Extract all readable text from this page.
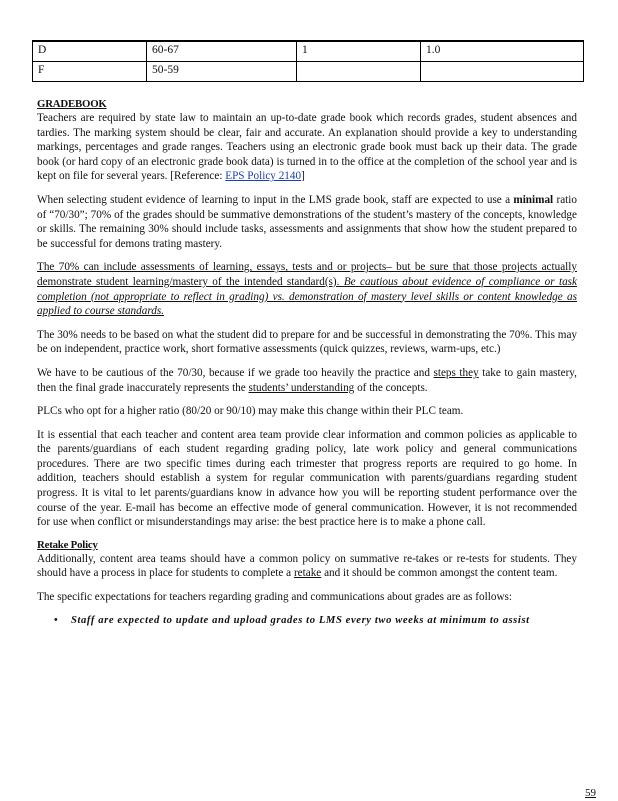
D	60-67	1	1.0
F	50-59		
GRADEBOOK

Teachers are required by state law to maintain an up-to-date grade book which records grades, student absences and tardies. The marking system should be clear, fair and accurate. An explanation should provide a key to understanding markings, percentages and grade ranges. Teachers using an electronic grade book must back up their data. The grade book (or hard copy of an electronic grade book data) is turned in to the office at the completion of the school year and is kept on file for several years. [Reference: EPS Policy 2140]

When selecting student evidence of learning to input in the LMS grade book, staff are expected to use a minimal ratio of “70/30”; 70% of the grades should be summative demonstrations of the student’s mastery of the concepts, knowledge or skills. The remaining 30% should include tasks, assessments and assignments that show how the student prepared to be successful for demons trating mastery.

The 70% can include assessments of learning, essays, tests and or projects– but be sure that those projects actually demonstrate student learning/mastery of the intended standard(s). Be cautious about evidence of compliance or task completion (not appropriate to reflect in grading) vs. demonstration of mastery level skills or content knowledge as applied to course standards.

The 30% needs to be based on what the student did to prepare for and be successful in demonstrating the 70%. This may be on independent, practice work, short formative assessments (quick quizzes, reviews, warm-ups, etc.)

We have to be cautious of the 70/30, because if we grade too heavily the practice and steps they take to gain mastery, then the final grade inaccurately represents the students’ understanding of the concepts.

PLCs who opt for a higher ratio (80/20 or 90/10) may make this change within their PLC team.

It is essential that each teacher and content area team provide clear information and common policies as applicable to the parents/guardians of each student regarding grading policy, late work policy and general communications procedures. There are two specific times during each trimester that progress reports are required to go home. In addition, teachers should establish a system for regular communication with parents/guardians regarding student progress. It is vital to let parents/guardians know in advance how you will be reporting student performance over the course of the year. E-mail has become an effective mode of general communication. However, it is not recommended for use when conflict or misunderstandings may arise: the best practice here is to make a phone call.

Retake Policy

Additionally, content area teams should have a common policy on summative re-takes or re-tests for students. They should have a process in place for students to complete a retake and it should be common amongst the content team.

The specific expectations for teachers regarding grading and communications about grades are as follows:

• Staff are expected to update and upload grades to LMS every two weeks at minimum to assist
59
